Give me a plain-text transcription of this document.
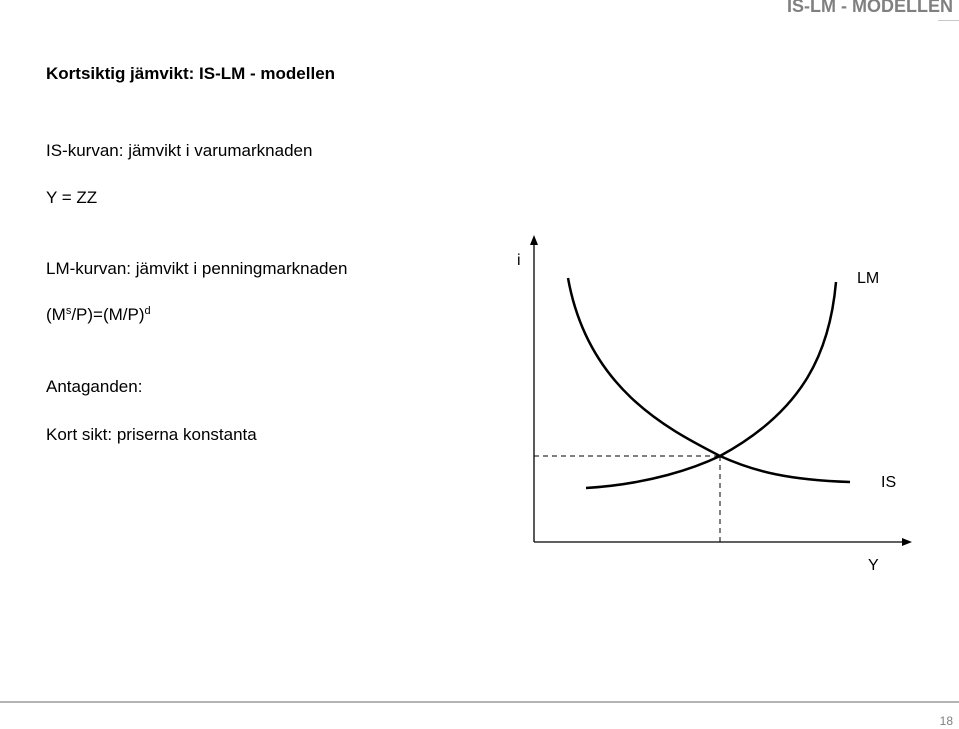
IS-LM - MODELLEN
Kortsiktig jämvikt: IS-LM - modellen
IS-kurvan: jämvikt i varumarknaden
Y = ZZ
LM-kurvan: jämvikt i penningmarknaden
$(M^s/P)=(M/P)^d$
Antaganden:
Kort sikt: priserna konstanta
i
Y
LM
IS
18
